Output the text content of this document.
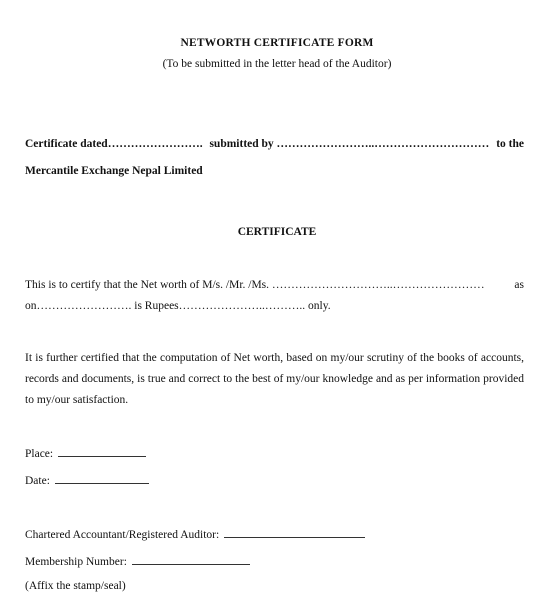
NETWORTH CERTIFICATE FORM
(To be submitted in the letter head of the Auditor)
Certificate dated……………………. submitted by ……………………..………………………… to the
Mercantile Exchange Nepal Limited
CERTIFICATE
This is to certify that the Net worth of M/s. /Mr. /Ms. …………………………..……………………	as
on……………………. is Rupees…………………..……….. only.
It is further certified that the computation of Net worth, based on my/our scrutiny of the books of accounts, records and documents, is true and correct to the best of my/our knowledge and as per information provided to my/our satisfaction.
Place:
Date:
Chartered Accountant/Registered Auditor:
Membership Number:
(Affix the stamp/seal)
